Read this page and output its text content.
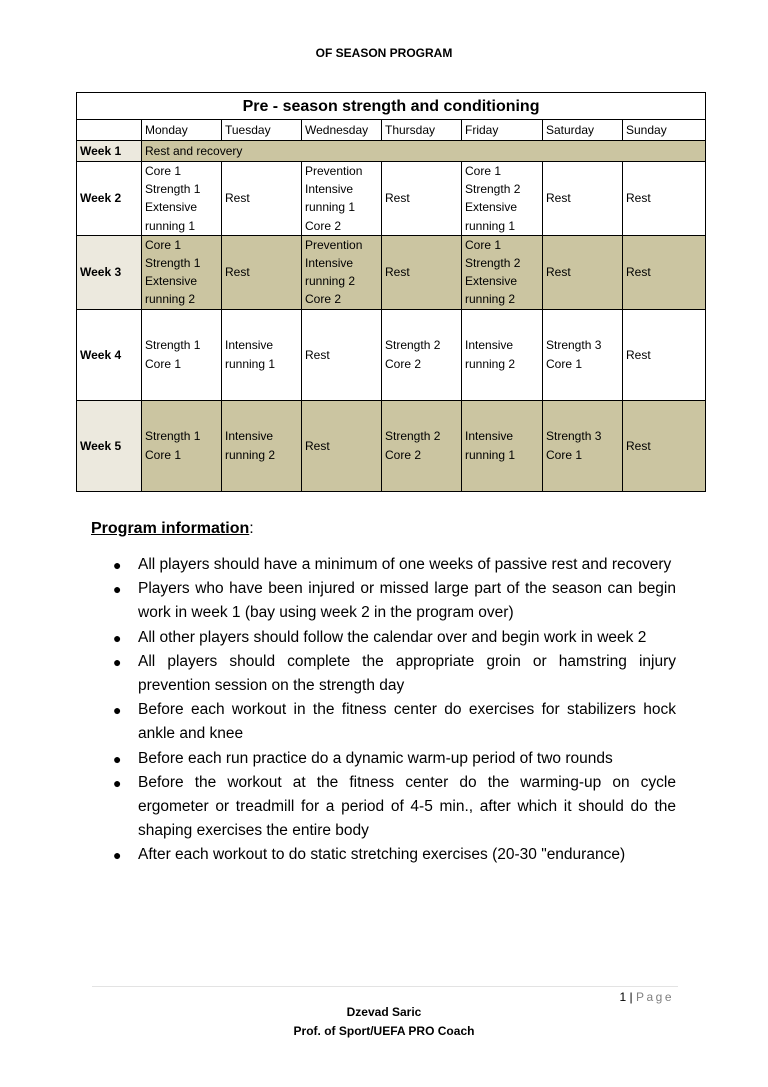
OF SEASON PROGRAM
Pre - season strength and conditioning							
	Monday	Tuesday	Wednesday	Thursday	Friday	Saturday	Sunday
Week 1	Rest and recovery						
Week 2	Core 1
Strength 1
Extensive
running 1	Rest	Prevention
Intensive
running 1
Core 2	Rest	Core 1
Strength 2
Extensive
running 1	Rest	Rest

Week 3	Core 1
Strength 1
Extensive
running 2	Rest	Prevention
Intensive
running 2
Core 2	Rest	Core 1
Strength 2
Extensive
running 2	Rest	Rest

Week 4	Strength 1
Core 1	Intensive
running 1	Rest	Strength 2
Core 2	Intensive
running 2	Strength 3
Core 1	Rest

Week 5	Strength 1
Core 1	Intensive
running 2	Rest	Strength 2
Core 2	Intensive
running 1	Strength 3
Core 1	Rest
Program information:
● All players should have a minimum of one weeks of passive rest and recovery
● Players who have been injured or missed large part of the season can begin work in week 1 (bay using week 2 in the program over)
● All other players should follow the calendar over and begin work in week 2
● All players should complete the appropriate groin or hamstring injury prevention session on the strength day
● Before each workout in the fitness center do exercises for stabilizers hock ankle and knee
● Before each run practice do a dynamic warm-up period of two rounds
● Before the workout at the fitness center do the warming-up on cycle ergometer or treadmill for a period of 4-5 min., after which it should do the shaping exercises the entire body
● After each workout to do static stretching exercises (20-30 "endurance)
1 | Page
Dzevad Saric
Prof. of Sport/UEFA PRO Coach
